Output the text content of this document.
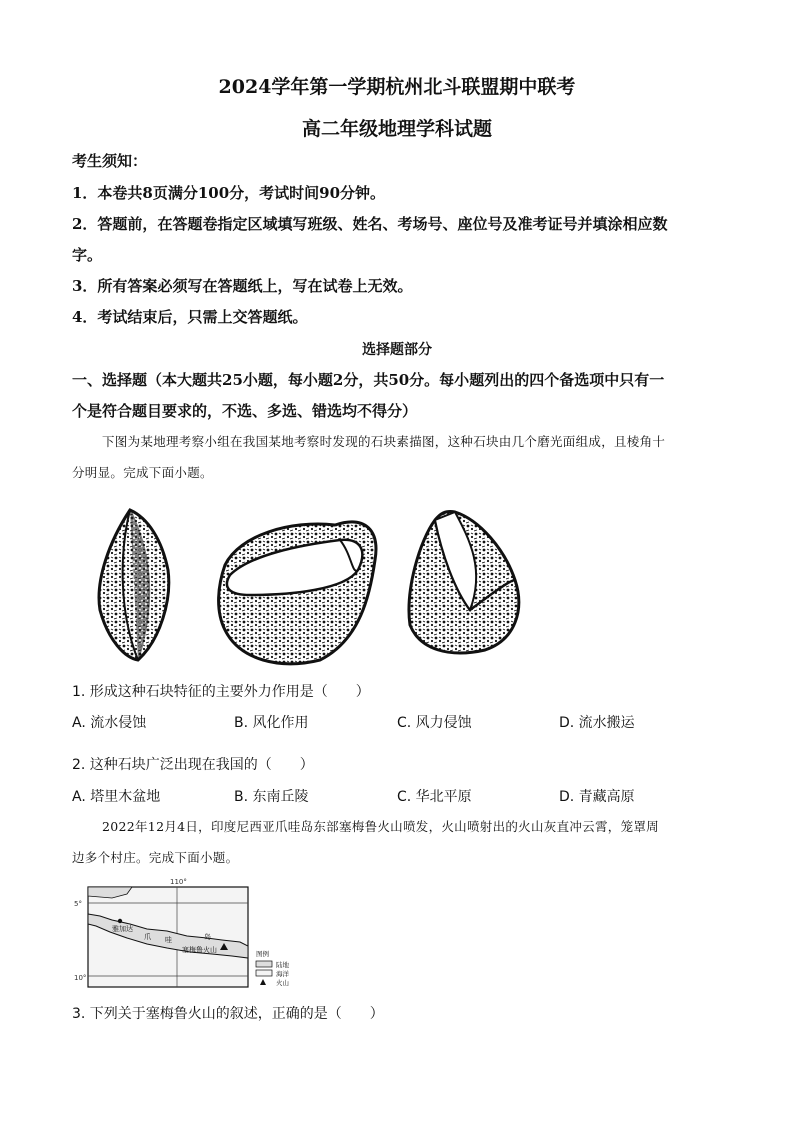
2024学年第一学期杭州北斗联盟期中联考
高二年级地理学科试题
考生须知：
1．本卷共8页满分100分，考试时间90分钟。
2．答题前，在答题卷指定区域填写班级、姓名、考场号、座位号及准考证号并填涂相应数
字。
3．所有答案必须写在答题纸上，写在试卷上无效。
4．考试结束后，只需上交答题纸。
选择题部分
一、选择题（本大题共25小题，每小题2分，共50分。每小题列出的四个备选项中只有一
个是符合题目要求的，不选、多选、错选均不得分）
下图为某地理考察小组在我国某地考察时发现的石块素描图，这种石块由几个磨光面组成，且棱角十
分明显。完成下面小题。
1. 形成这种石块特征的主要外力作用是（　　）
A. 流水侵蚀	B. 风化作用	C. 风力侵蚀	D. 流水搬运
2. 这种石块广泛出现在我国的（　　）
A. 塔里木盆地	B. 东南丘陵	C. 华北平原	D. 青藏高原
2022年12月4日，印度尼西亚爪哇岛东部塞梅鲁火山喷发，火山喷射出的火山灰直冲云霄，笼罩周
边多个村庄。完成下面小题。
110°
5°
10°
雅加达
爪 哇	岛
塞梅鲁火山	图例
陆地
海洋
火山
3. 下列关于塞梅鲁火山的叙述，正确的是（　　）
